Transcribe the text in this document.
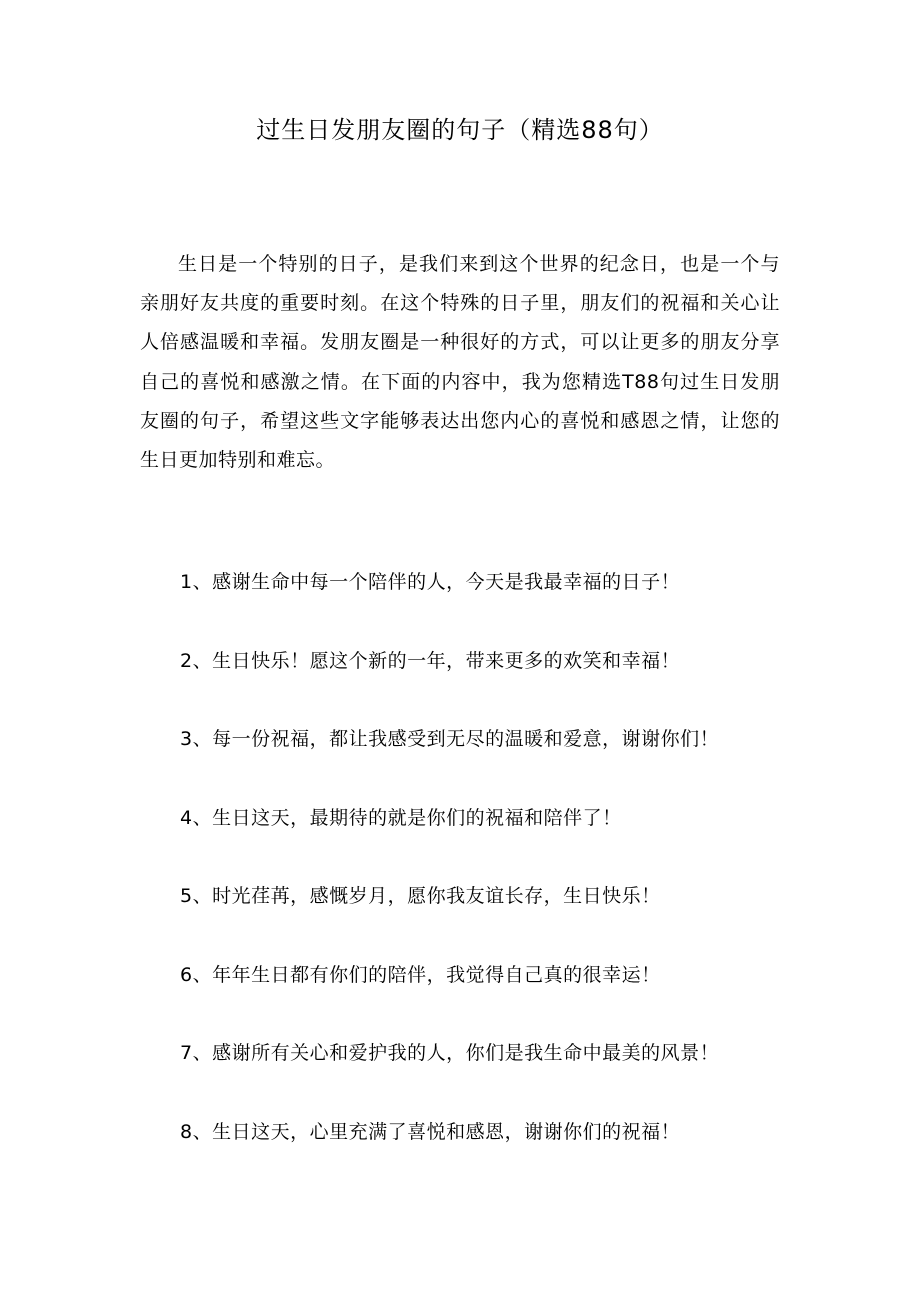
过生日发朋友圈的句子（精选88句）

生日是一个特别的日子，是我们来到这个世界的纪念日，也是一个与亲朋好友共度的重要时刻。在这个特殊的日子里，朋友们的祝福和关心让人倍感温暖和幸福。发朋友圈是一种很好的方式，可以让更多的朋友分享自己的喜悦和感激之情。在下面的内容中，我为您精选T88句过生日发朋友圈的句子，希望这些文字能够表达出您内心的喜悦和感恩之情，让您的生日更加特别和难忘。

1、感谢生命中每一个陪伴的人，今天是我最幸福的日子！
2、生日快乐！愿这个新的一年，带来更多的欢笑和幸福！
3、每一份祝福，都让我感受到无尽的温暖和爱意，谢谢你们！
4、生日这天，最期待的就是你们的祝福和陪伴了！
5、时光荏苒，感慨岁月，愿你我友谊长存，生日快乐！
6、年年生日都有你们的陪伴，我觉得自己真的很幸运！
7、感谢所有关心和爱护我的人，你们是我生命中最美的风景！
8、生日这天，心里充满了喜悦和感恩，谢谢你们的祝福！
